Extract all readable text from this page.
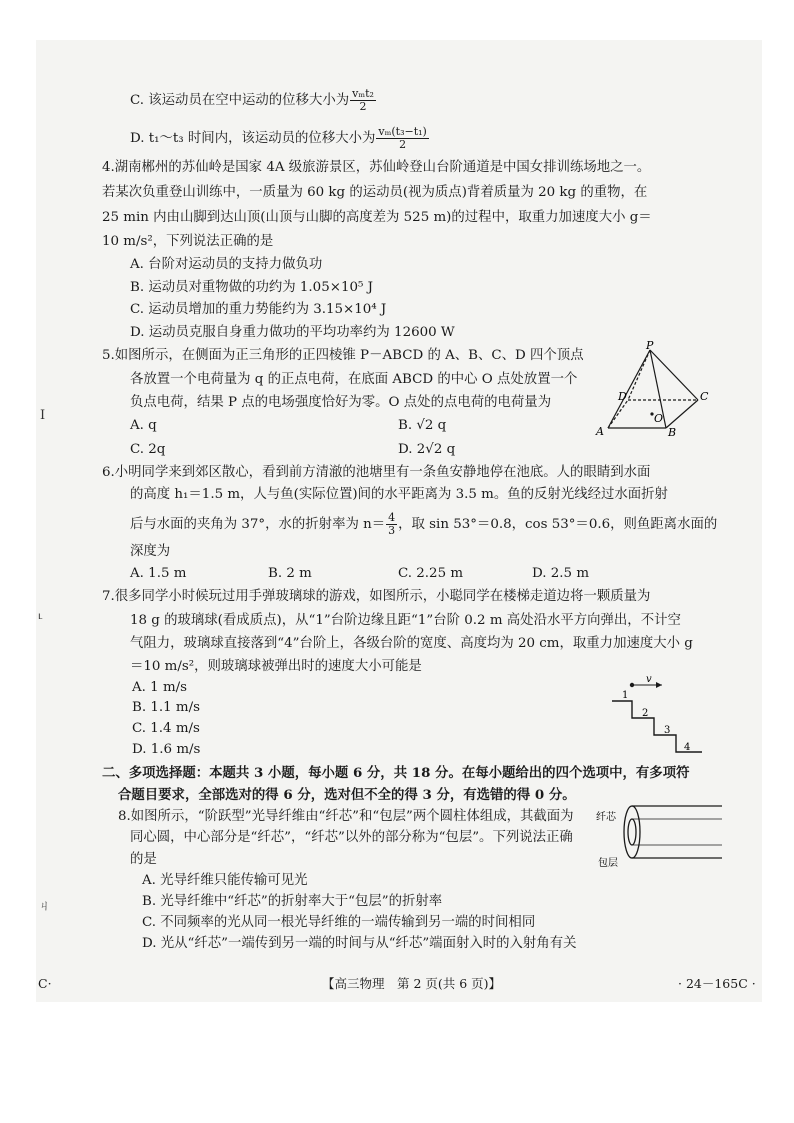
C. 该运动员在空中运动的位移大小为 $\frac{\text{vₘt₂}}{2}$
D. t₁～t₃ 时间内，该运动员的位移大小为 $\frac{\text{vₘ(t₃−t₁)}}{2}$
4.湖南郴州的苏仙岭是国家 4A 级旅游景区，苏仙岭登山台阶通道是中国女排训练场地之一。
若某次负重登山训练中，一质量为 60 kg 的运动员(视为质点)背着质量为 20 kg 的重物，在
25 min 内由山脚到达山顶(山顶与山脚的高度差为 525 m)的过程中，取重力加速度大小 g＝
10 m/s²，下列说法正确的是
A. 台阶对运动员的支持力做负功
B. 运动员对重物做的功约为 1.05×10⁵ J
C. 运动员增加的重力势能约为 3.15×10⁴ J
D. 运动员克服自身重力做功的平均功率约为 12600 W
5.如图所示，在侧面为正三角形的正四棱锥 P－ABCD 的 A、B、C、D 四个顶点
各放置一个电荷量为 q 的正点电荷，在底面 ABCD 的中心 O 点处放置一个
负点电荷，结果 P 点的电场强度恰好为零。O 点处的点电荷的电荷量为
A. q	B. √2 q
C. 2q	D. 2√2 q
P
D	C
O
A	B
6.小明同学来到郊区散心，看到前方清澈的池塘里有一条鱼安静地停在池底。人的眼睛到水面
的高度 h₁＝1.5 m，人与鱼(实际位置)间的水平距离为 3.5 m。鱼的反射光线经过水面折射
后与水面的夹角为 37°，水的折射率为 $n= \frac{4}{3}$ ，取 sin 53°＝0.8，cos 53°＝0.6，则鱼距离水面的
深度为
A. 1.5 m	B. 2 m	C. 2.25 m	D. 2.5 m
7.很多同学小时候玩过用手弹玻璃球的游戏，如图所示，小聪同学在楼梯走道边将一颗质量为
18 g 的玻璃球(看成质点)，从“1”台阶边缘且距“1”台阶 0.2 m 高处沿水平方向弹出，不计空
气阻力，玻璃球直接落到“4”台阶上，各级台阶的宽度、高度均为 20 cm，取重力加速度大小 g
＝10 m/s²，则玻璃球被弹出时的速度大小可能是
A. 1 m/s
B. 1.1 m/s
C. 1.4 m/s
D. 1.6 m/s
v
1
2
3
4
二、多项选择题：本题共 3 小题，每小题 6 分，共 18 分。在每小题给出的四个选项中，有多项符
合题目要求，全部选对的得 6 分，选对但不全的得 3 分，有选错的得 0 分。
8.如图所示，“阶跃型”光导纤维由“纤芯”和“包层”两个圆柱体组成，其截面为
同心圆，中心部分是“纤芯”，“纤芯”以外的部分称为“包层”。下列说法正确
的是
A. 光导纤维只能传输可见光
B. 光导纤维中“纤芯”的折射率大于“包层”的折射率
C. 不同频率的光从同一根光导纤维的一端传输到另一端的时间相同
D. 光从“纤芯”一端传到另一端的时间与从“纤芯”端面射入时的入射角有关
纤芯
包层
I
ᒻ
ㄐ
C·	【高三物理　第 2 页(共 6 页)】	· 24－165C ·
